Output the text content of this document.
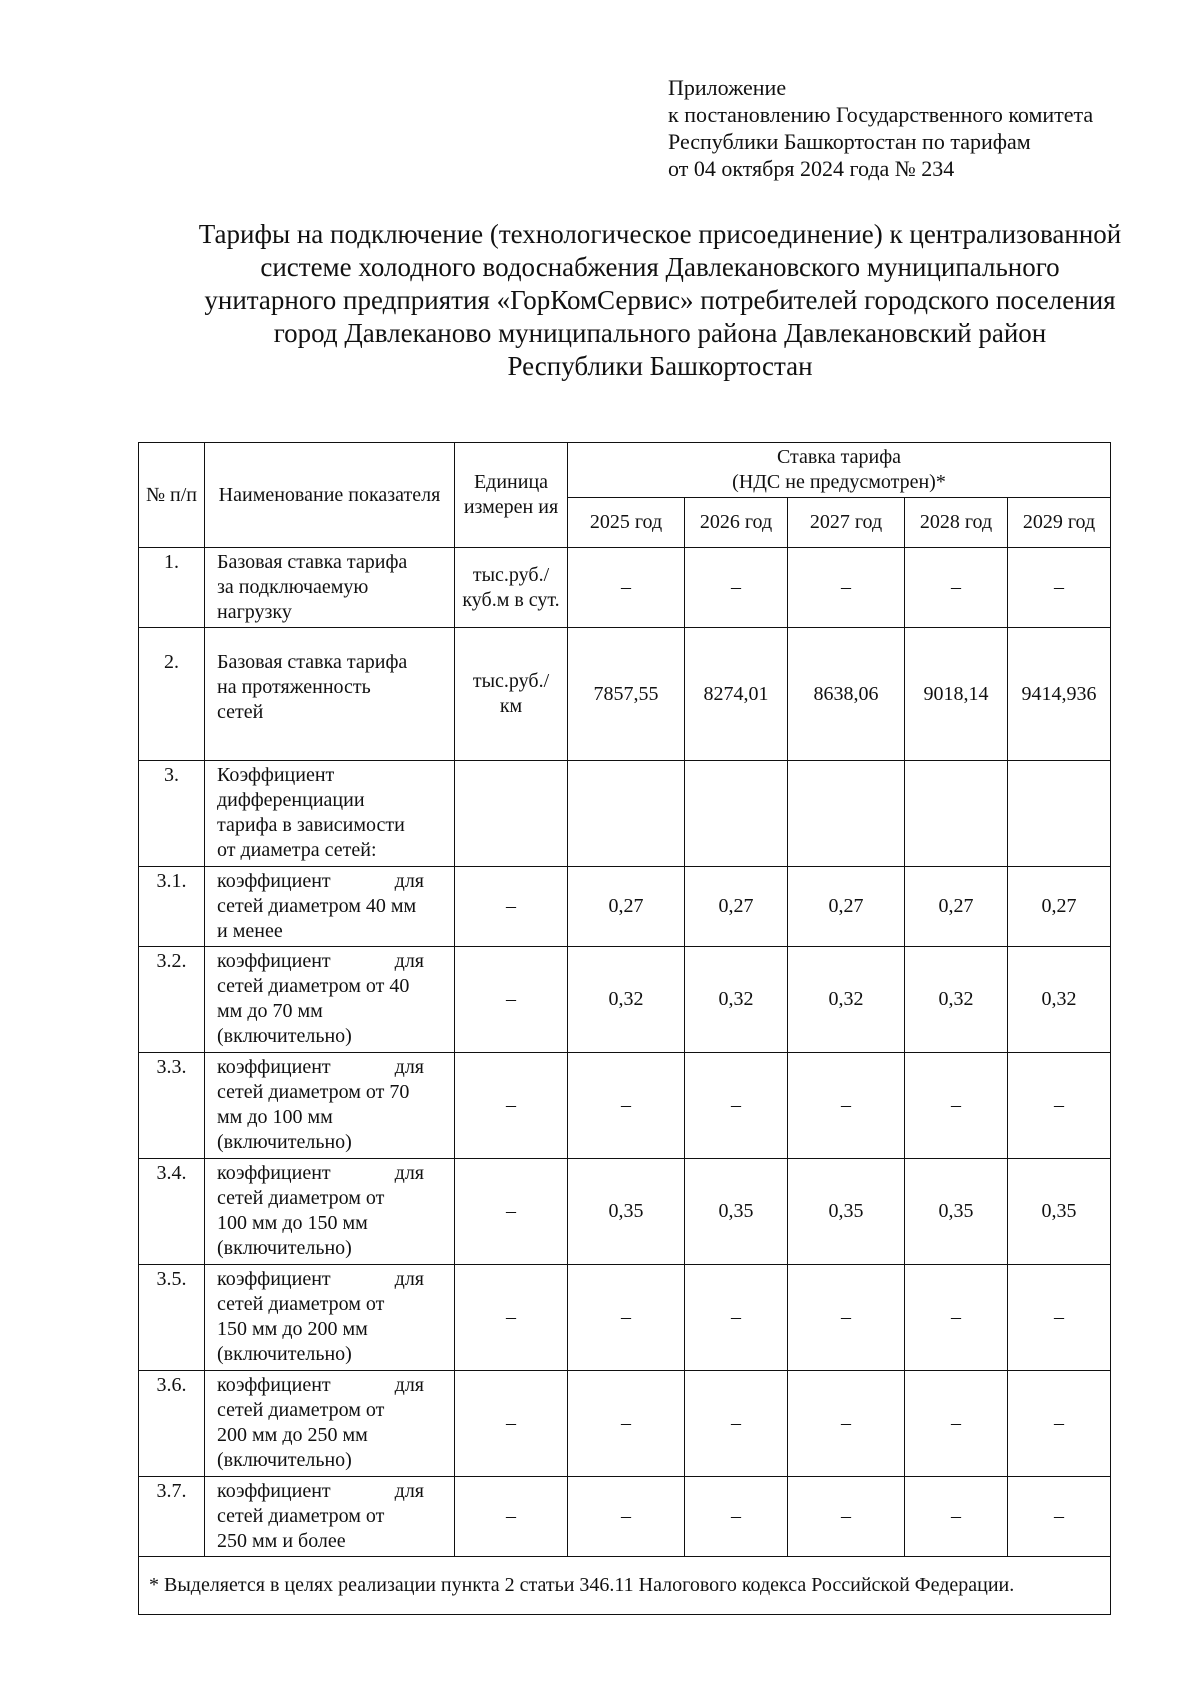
Приложение
к постановлению Государственного комитета
Республики Башкортостан по тарифам
от 04 октября 2024 года № 234
Тарифы на подключение (технологическое присоединение) к централизованной
системе холодного водоснабжения Давлекановского муниципального
унитарного предприятия «ГорКомСервис» потребителей городского поселения
город Давлеканово муниципального района Давлекановский район
Республики Башкортостан
№ п/п	Наименование показателя	Единица измерен ия	Ставка тарифа
(НДС не предусмотрен)*				

			2025 год	2026 год	2027 год	2028 год	2029 год
1.	Базовая ставка тарифа
за подключаемую
нагрузку	тыс.руб./ куб.м в сут.	–	–	–	–	–
2.	Базовая ставка тарифа
на протяженность
сетей	тыс.руб./ км	7857,55	8274,01	8638,06	9018,14	9414,936
3.	Коэффициент
дифференциации
тарифа в зависимости
от диаметра сетей:						

3.1.	коэффициент для
сетей диаметром 40 мм
и менее	–	0,27	0,27	0,27	0,27	0,27
3.2.	коэффициент для
сетей диаметром от 40
мм до 70 мм
(включительно)	–	0,32	0,32	0,32	0,32	0,32
3.3.	коэффициент для
сетей диаметром от 70
мм до 100 мм
(включительно)	–	–	–	–	–	–
3.4.	коэффициент для
сетей диаметром от
100 мм до 150 мм
(включительно)	–	0,35	0,35	0,35	0,35	0,35
3.5.	коэффициент для
сетей диаметром от
150 мм до 200 мм
(включительно)	–	–	–	–	–	–
3.6.	коэффициент для
сетей диаметром от
200 мм до 250 мм
(включительно)	–	–	–	–	–	–
3.7.	коэффициент для
сетей диаметром от
250 мм и более	–	–	–	–	–	–
* Выделяется в целях реализации пункта 2 статьи 346.11 Налогового кодекса Российской Федерации.							
